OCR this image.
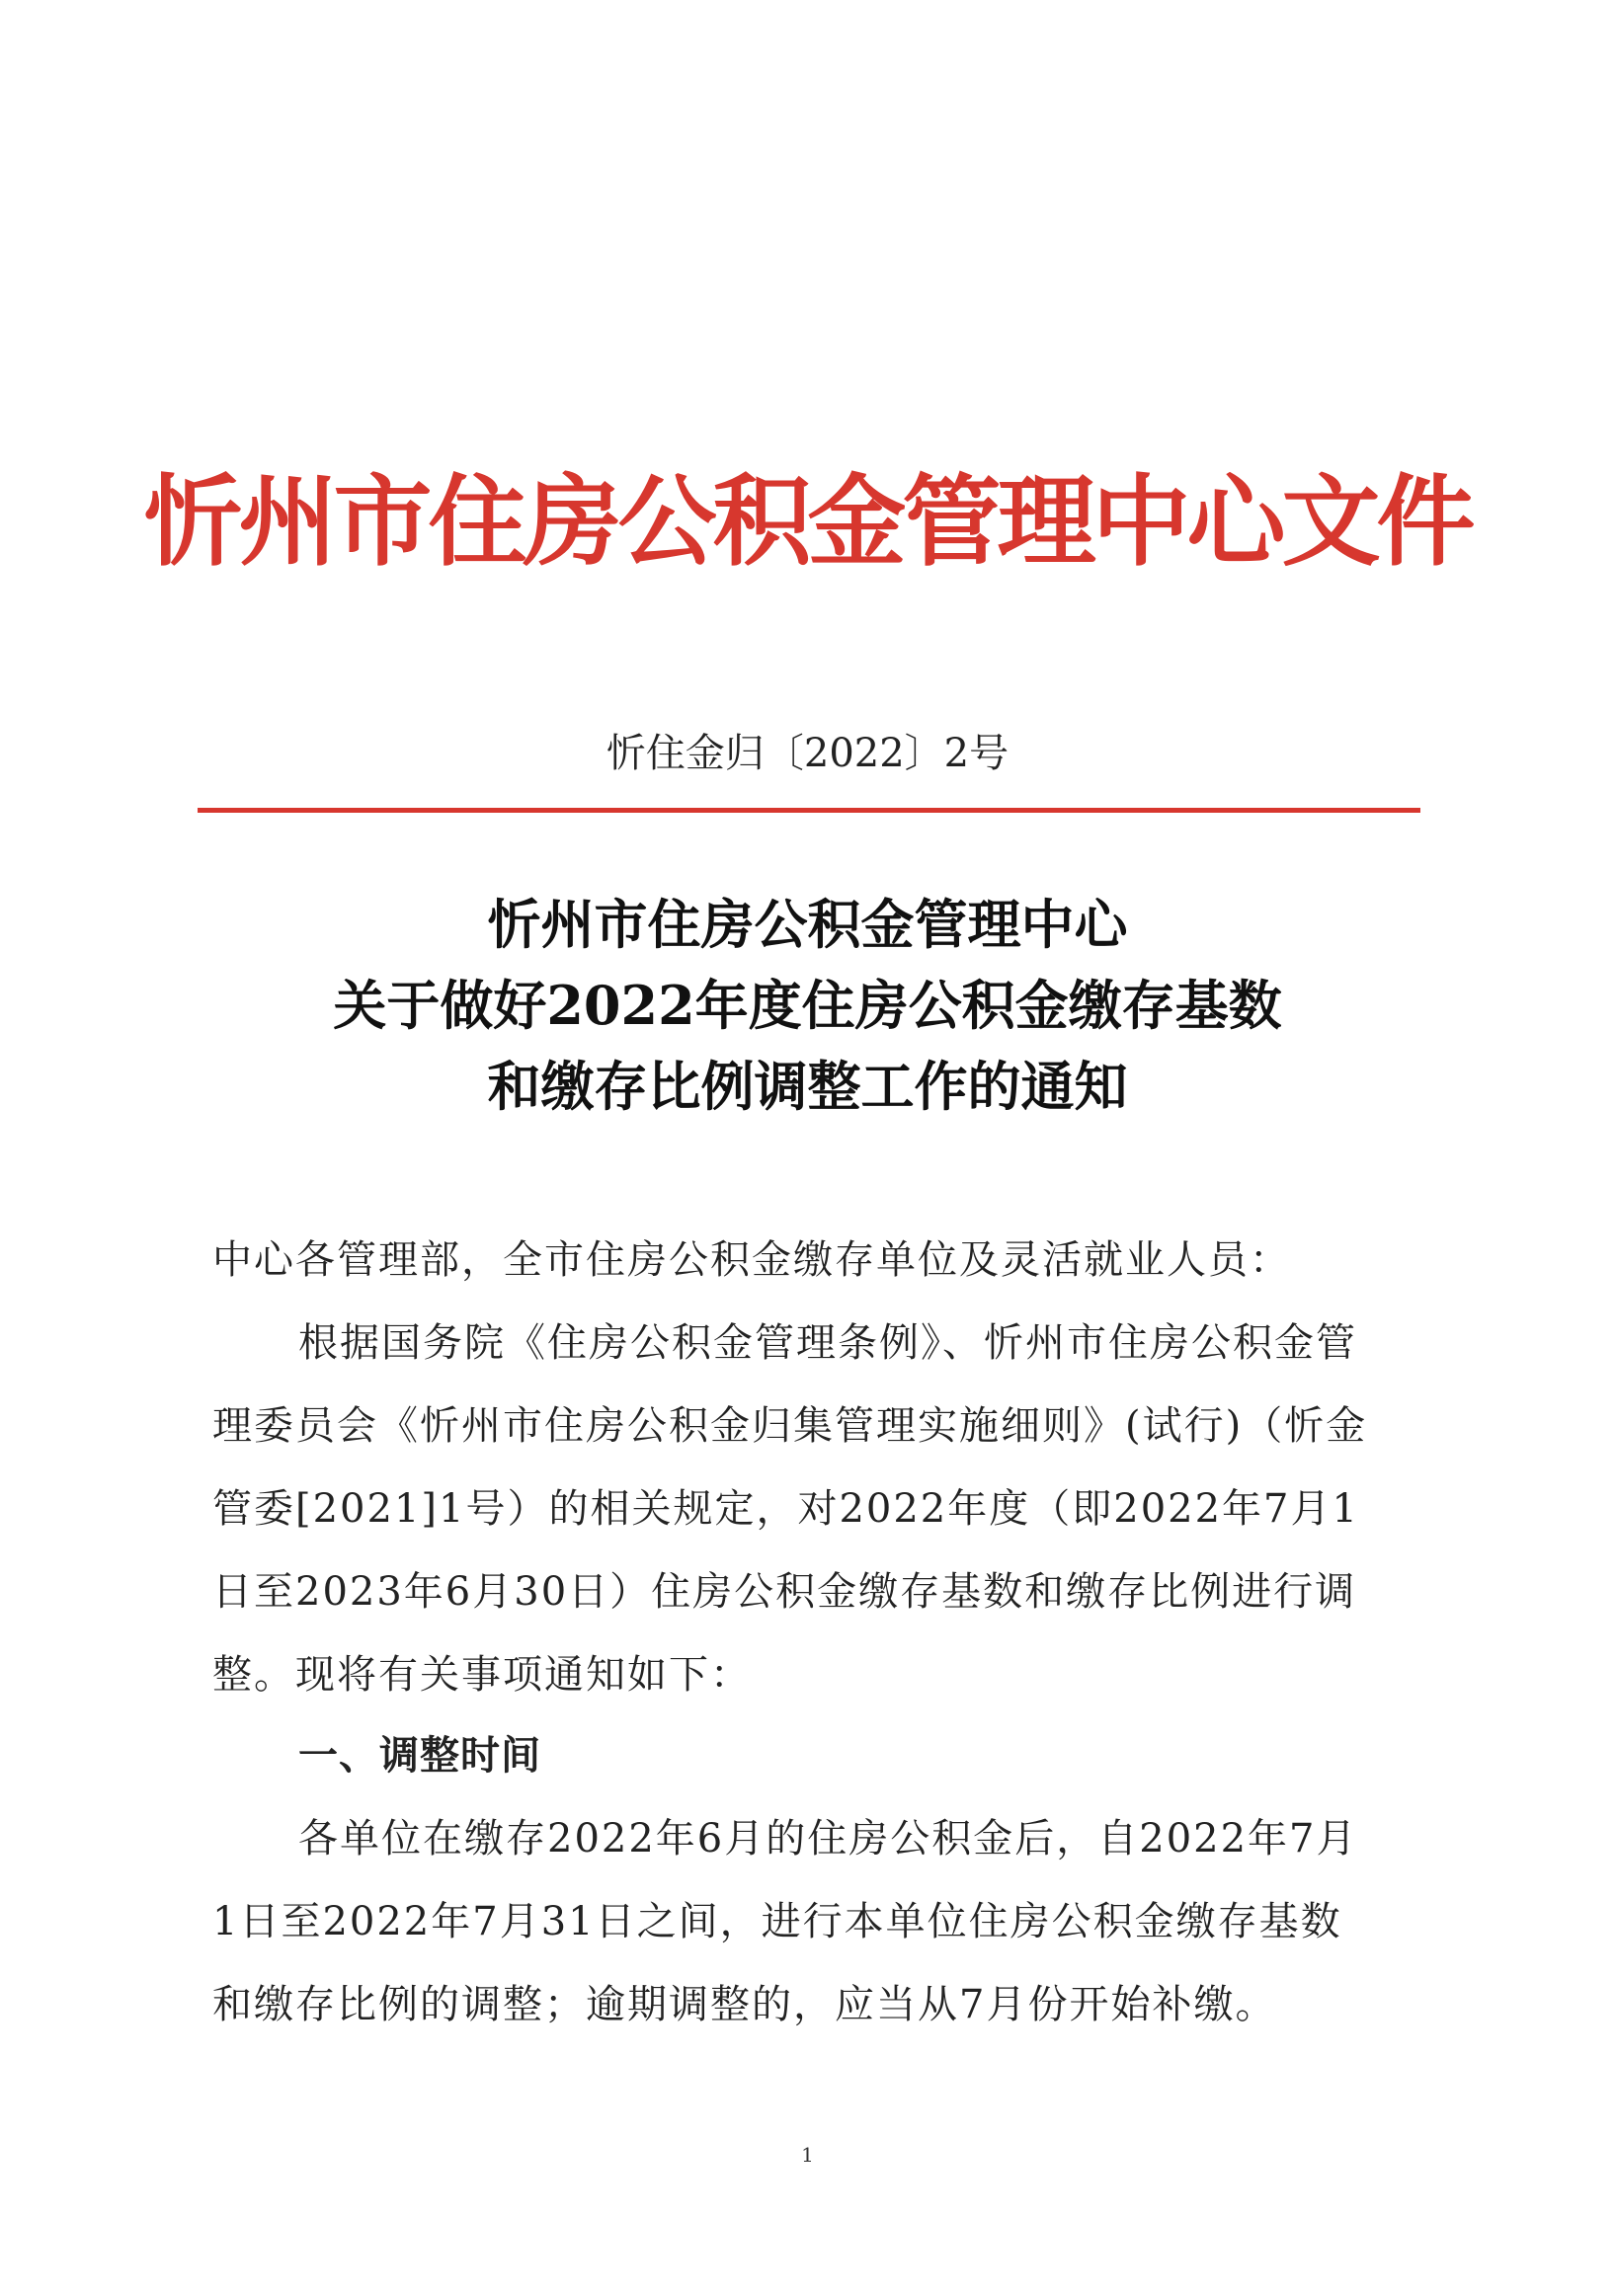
忻州市住房公积金管理中心文件
忻住金归〔2022〕2号
忻州市住房公积金管理中心
关于做好2022年度住房公积金缴存基数
和缴存比例调整工作的通知
中心各管理部，全市住房公积金缴存单位及灵活就业人员：
根据国务院《住房公积金管理条例》、忻州市住房公积金管
理委员会《忻州市住房公积金归集管理实施细则》(试行)（忻金
管委[2021]1号）的相关规定，对2022年度（即2022年7月1
日至2023年6月30日）住房公积金缴存基数和缴存比例进行调
整。现将有关事项通知如下：
一、调整时间
各单位在缴存2022年6月的住房公积金后，自2022年7月
1日至2022年7月31日之间，进行本单位住房公积金缴存基数
和缴存比例的调整；逾期调整的，应当从7月份开始补缴。
1
